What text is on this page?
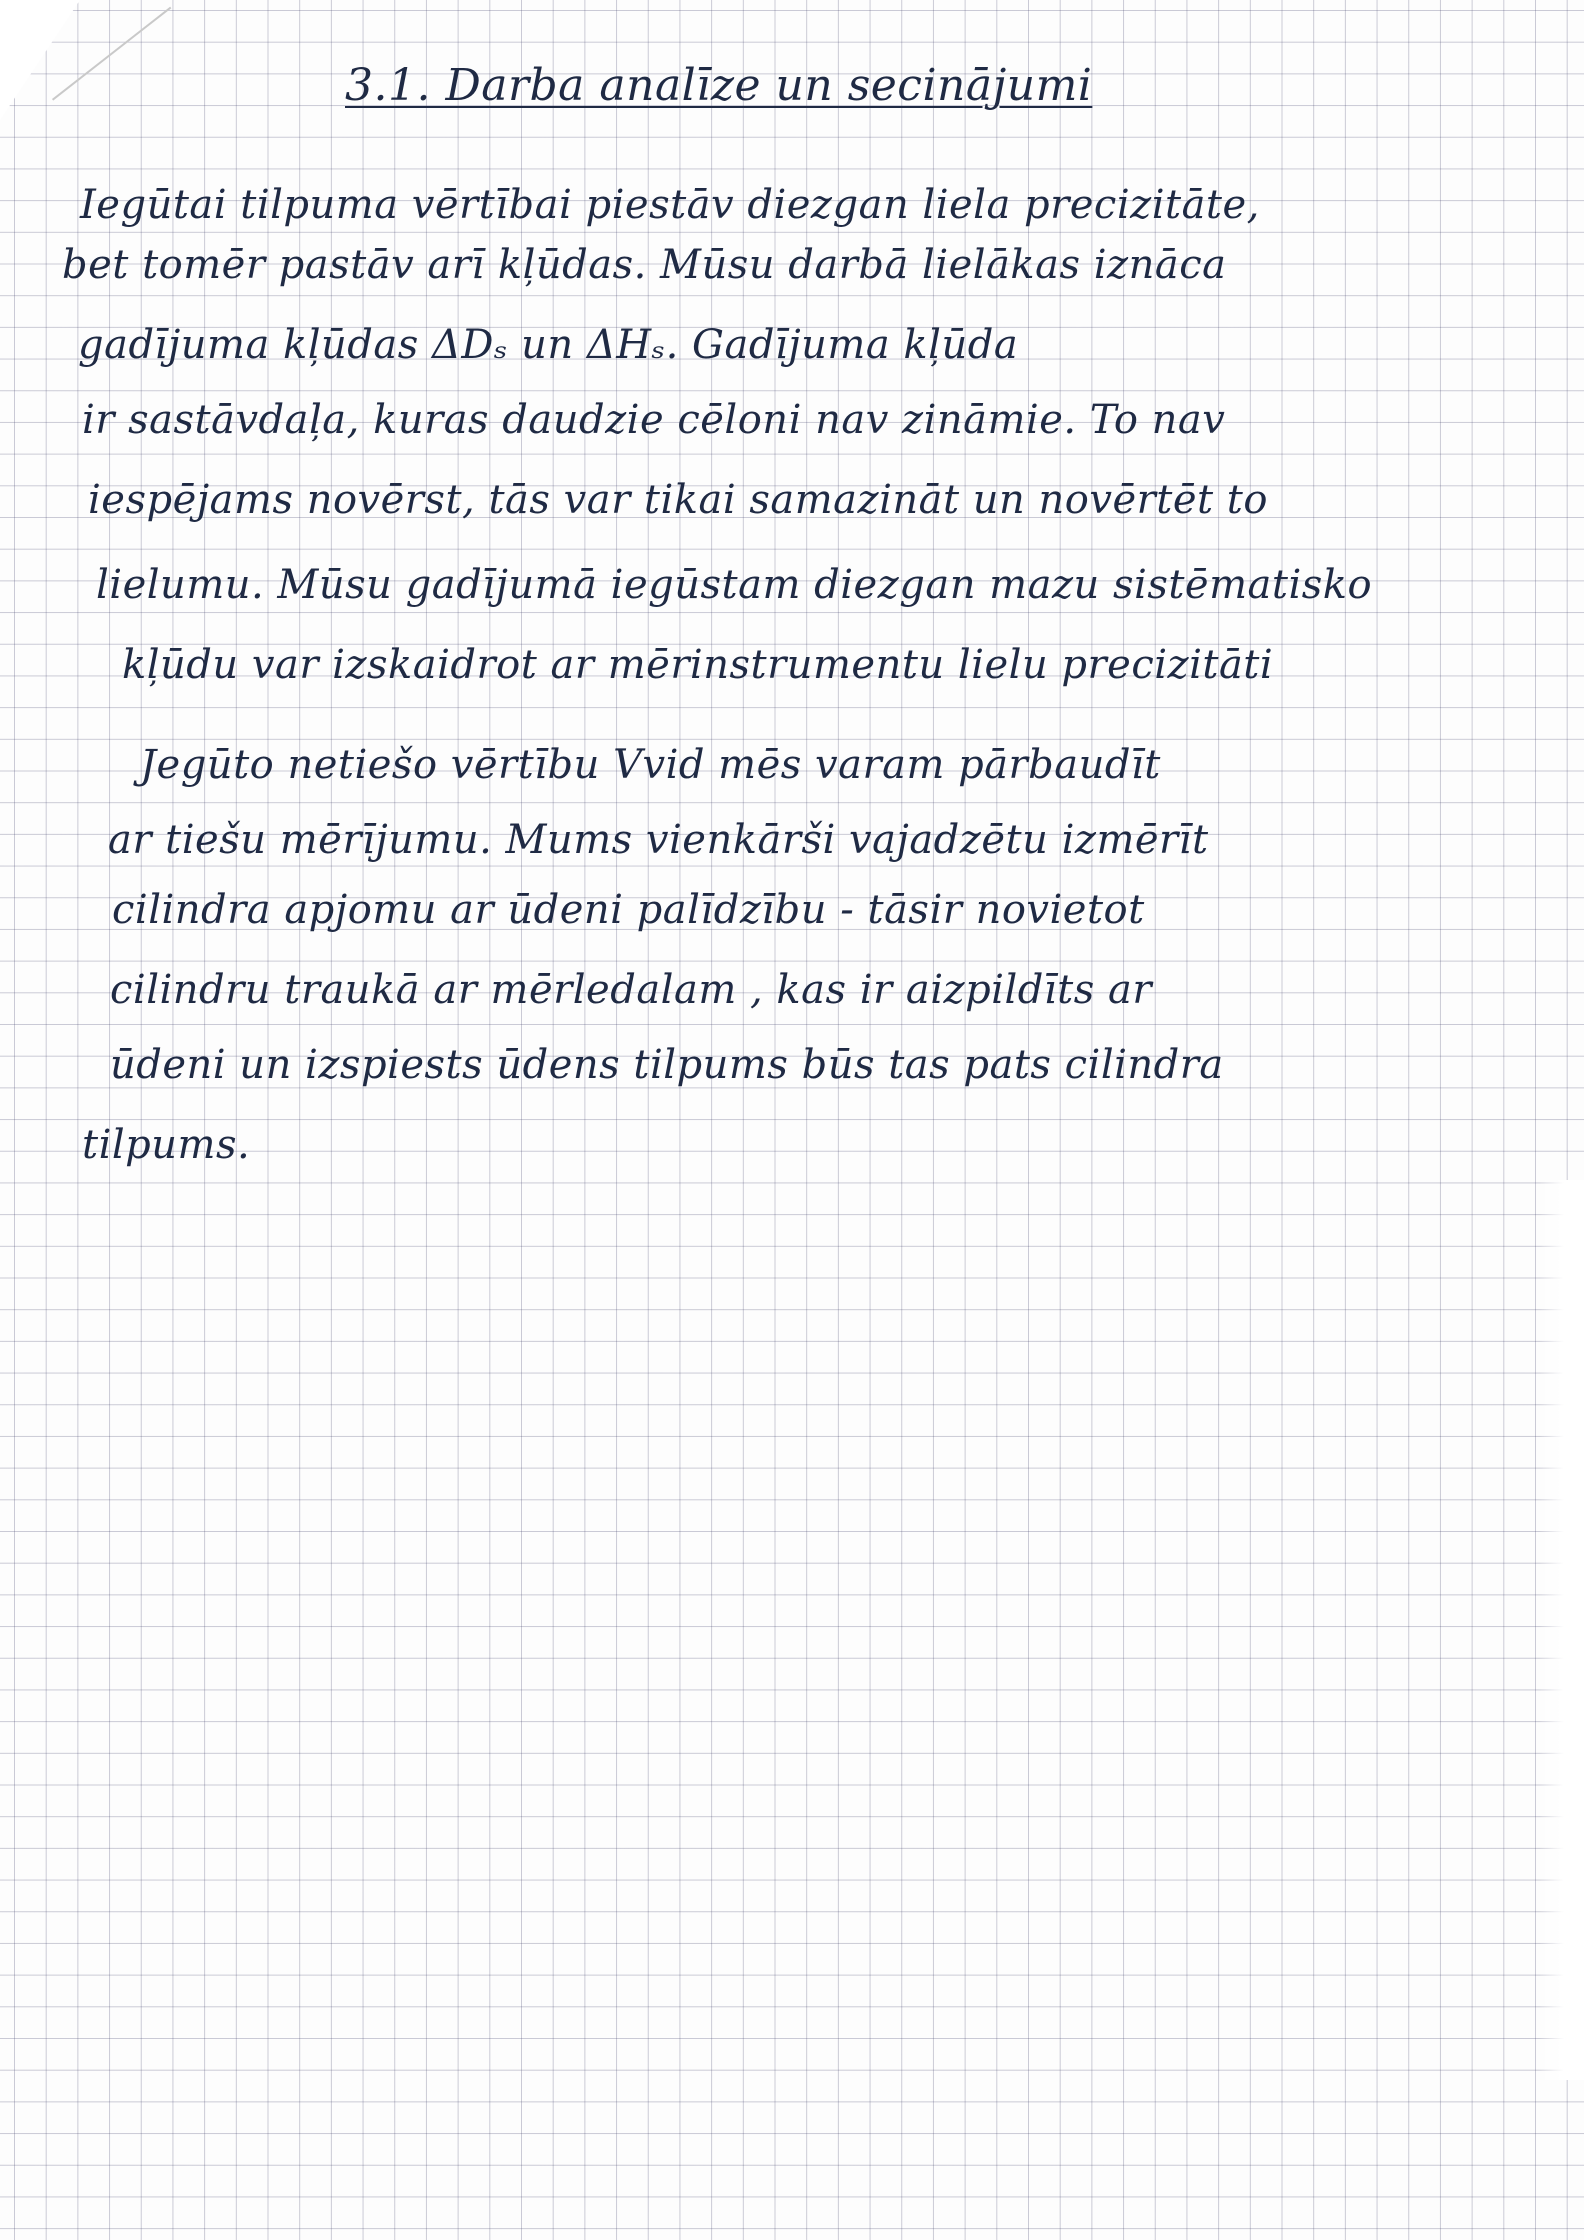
3.1. Darba analīze un secinājumi
Iegūtai tilpuma vērtībai piestāv diezgan liela precizitāte,
bet tomēr pastāv arī kļūdas. Mūsu darbā lielākas iznāca
gadījuma kļūdas ΔDₛ un ΔHₛ. Gadījuma kļūda
ir sastāvdaļa, kuras daudzie cēloni nav zināmie. To nav
iespējams novērst, tās var tikai samazināt un novērtēt to
lielumu. Mūsu gadījumā iegūstam diezgan mazu sistēmatisko
kļūdu var izskaidrot ar mērinstrumentu lielu precizitāti
Jegūto netiešo vērtību Vvid mēs varam pārbaudīt
ar tiešu mērījumu. Mums vienkārši vajadzētu izmērīt
cilindra apjomu ar ūdeni palīdzību - tāsir novietot
cilindru traukā ar mērledalam , kas ir aizpildīts ar
ūdeni un izspiests ūdens tilpums būs tas pats cilindra
tilpums.
